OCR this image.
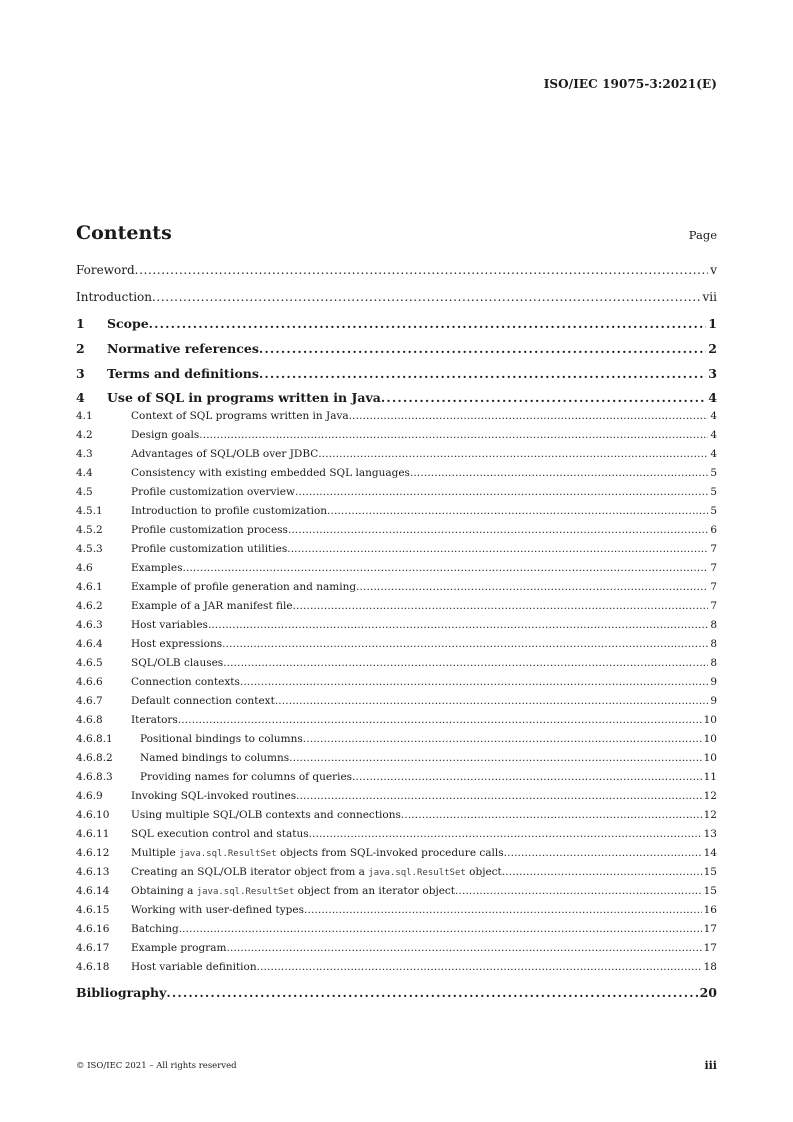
ISO/IEC 19075-3:2021(E)
Contents	Page
Foreword . . .	v
Introduction . . .	vii
1	Scope . . .	1
2	Normative references . . .	2
3	Terms and definitions . . .	3
4	Use of SQL in programs written in Java . . .	4
4.1	Context of SQL programs written in Java . . .	4
4.2	Design goals . . .	4
4.3	Advantages of SQL/OLB over JDBC . . .	4
4.4	Consistency with existing embedded SQL languages . . .	5
4.5	Profile customization overview . . .	5
4.5.1	Introduction to profile customization . . .	5
4.5.2	Profile customization process . . .	6
4.5.3	Profile customization utilities . . .	7
4.6	Examples . . .	7
4.6.1	Example of profile generation and naming . . .	7
4.6.2	Example of a JAR manifest file . . .	7
4.6.3	Host variables . . .	8
4.6.4	Host expressions . . .	8
4.6.5	SQL/OLB clauses . . .	8
4.6.6	Connection contexts . . .	9
4.6.7	Default connection context . . .	9
4.6.8	Iterators . . .	10
4.6.8.1	Positional bindings to columns . . .	10
4.6.8.2	Named bindings to columns . . .	10
4.6.8.3	Providing names for columns of queries . . .	11
4.6.9	Invoking SQL-invoked routines . . .	12
4.6.10	Using multiple SQL/OLB contexts and connections . . .	12
4.6.11	SQL execution control and status . . .	13
4.6.12	Multiple java.sql.ResultSet objects from SQL-invoked procedure calls . . .	14
4.6.13	Creating an SQL/OLB iterator object from a java.sql.ResultSet object . . .	15
4.6.14	Obtaining a java.sql.ResultSet object from an iterator object . . .	15
4.6.15	Working with user-defined types . . .	16
4.6.16	Batching . . .	17
4.6.17	Example program . . .	17
4.6.18	Host variable definition . . .	18
Bibliography . . .	20
© ISO/IEC 2021 – All rights reserved	iii
